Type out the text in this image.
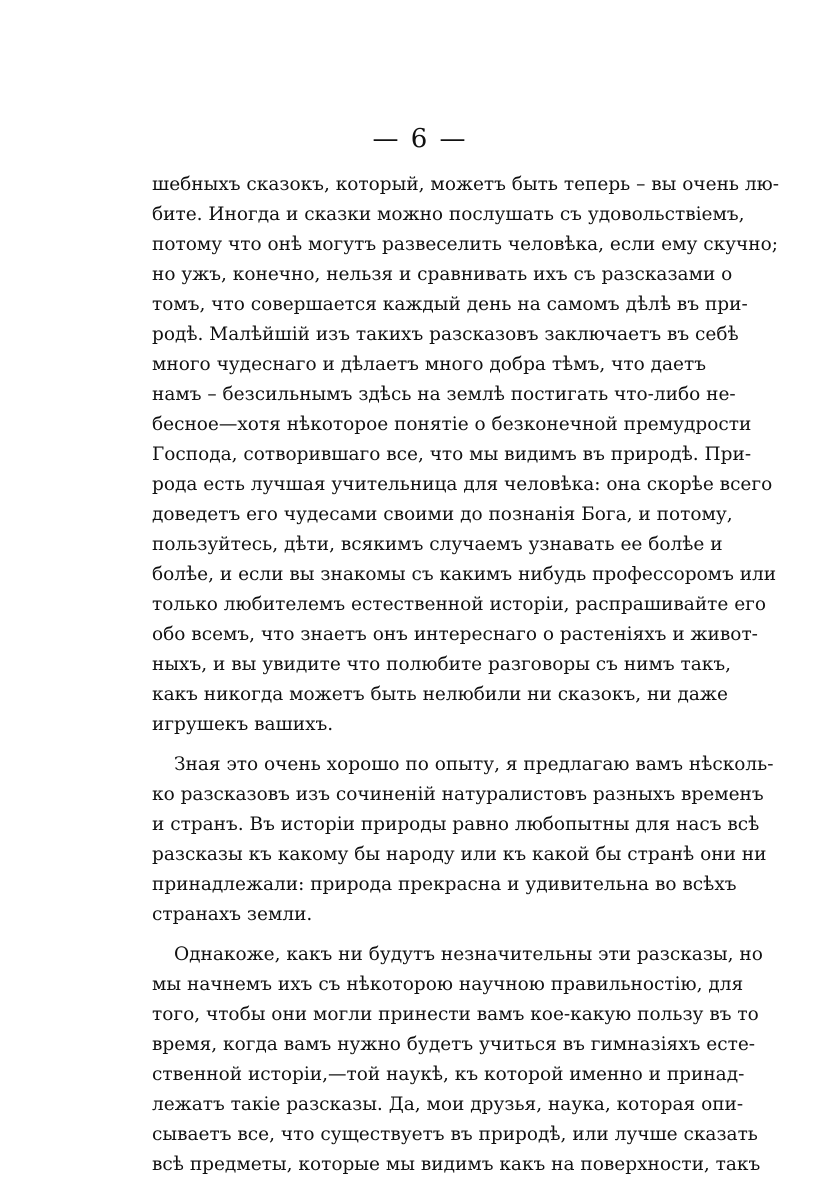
— 6 —
шебныхъ сказокъ, который, можетъ быть теперь – вы очень лю-
бите. Иногда и сказки можно послушать съ удовольствіемъ,
потому что онѣ могутъ развеселить человѣка, если ему скучно;
но ужъ, конечно, нельзя и сравнивать ихъ съ разсказами о
томъ, что совершается каждый день на самомъ дѣлѣ въ при-
родѣ. Малѣйшій изъ такихъ разсказовъ заключаетъ въ себѣ
много чудеснаго и дѣлаетъ много добра тѣмъ, что даетъ
намъ – безсильнымъ здѣсь на землѣ постигать что-либо не-
бесное—хотя нѣкоторое понятіе о безконечной премудрости
Господа, сотворившаго все, что мы видимъ въ природѣ. При-
рода есть лучшая учительница для человѣка: она скорѣе всего
доведетъ его чудесами своими до познанія Бога, и потому,
пользуйтесь, дѣти, всякимъ случаемъ узнавать ее болѣе и
болѣе, и если вы знакомы съ какимъ нибудь профессоромъ или
только любителемъ естественной исторіи, распрашивайте его
обо всемъ, что знаетъ онъ интереснаго о растеніяхъ и живот-
ныхъ, и вы увидите что полюбите разговоры съ нимъ такъ,
какъ никогда можетъ быть нелюбили ни сказокъ, ни даже
игрушекъ вашихъ.
Зная это очень хорошо по опыту, я предлагаю вамъ нѣсколь-
ко разсказовъ изъ сочиненій натуралистовъ разныхъ временъ
и странъ. Въ исторіи природы равно любопытны для насъ всѣ
разсказы къ какому бы народу или къ какой бы странѣ они ни
принадлежали: природа прекрасна и удивительна во всѣхъ
странахъ земли.
Однакоже, какъ ни будутъ незначительны эти разсказы, но
мы начнемъ ихъ съ нѣкоторою научною правильностію, для
того, чтобы они могли принести вамъ кое-какую пользу въ то
время, когда вамъ нужно будетъ учиться въ гимназіяхъ есте-
ственной исторіи,—той наукѣ, къ которой именно и принад-
лежатъ такіе разсказы. Да, мои друзья, наука, которая опи-
сываетъ все, что существуетъ въ природѣ, или лучше сказать
всѣ предметы, которые мы видимъ какъ на поверхности, такъ
